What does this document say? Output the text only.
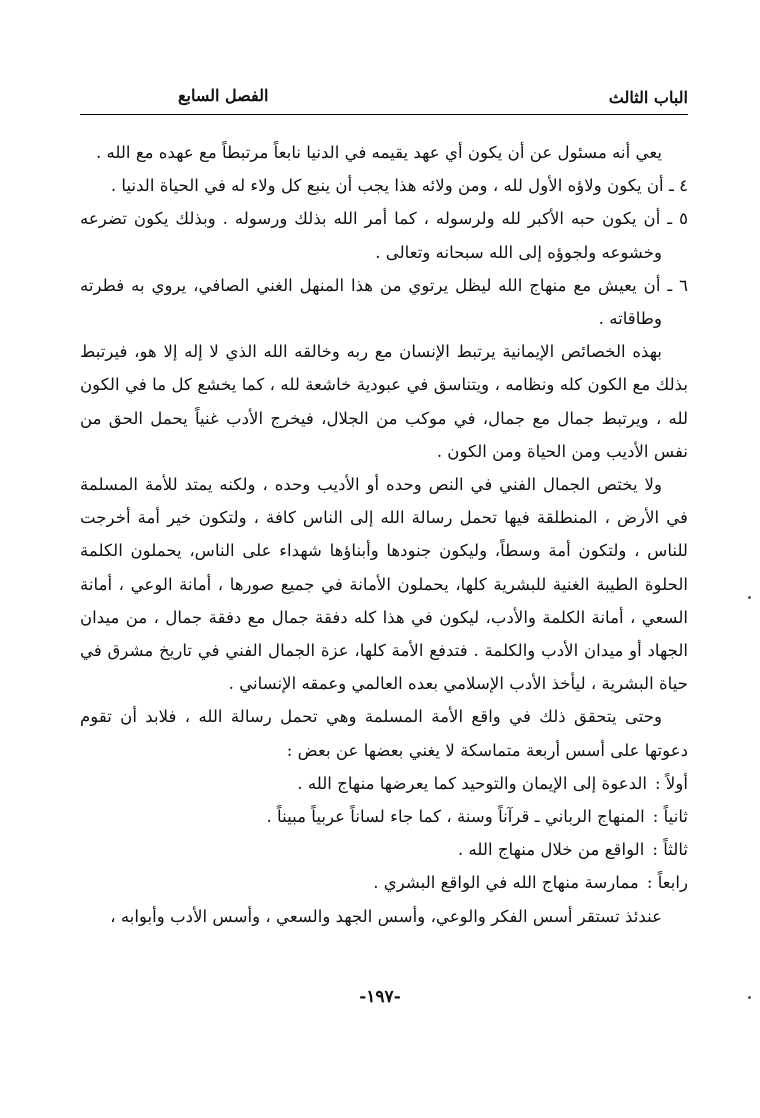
الباب الثالث
الفصل السابع

يعي أنه مسئول عن أن يكون أي عهد يقيمه في الدنيا نابعاً مرتبطاً مع عهده مع الله .

٤ ـ أن يكون ولاؤه الأول لله ، ومن ولائه هذا يجب أن ينبع كل ولاء له في الحياة الدنيا .

٥ ـ أن يكون حبه الأكبر لله ولرسوله ، كما أمر الله بذلك ورسوله . وبذلك يكون تضرعه وخشوعه ولجوؤه إلى الله سبحانه وتعالى .

٦ ـ أن يعيش مع منهاج الله ليظل يرتوي من هذا المنهل الغني الصافي، يروي به فطرته وطاقاته .

بهذه الخصائص الإيمانية يرتبط الإنسان مع ربه وخالقه الله الذي لا إله إلا هو، فيرتبط بذلك مع الكون كله ونظامه ، ويتناسق في عبودية خاشعة لله ، كما يخشع كل ما في الكون لله ، ويرتبط جمال مع جمال، في موكب من الجلال، فيخرج الأدب غنياً يحمل الحق من نفس الأديب ومن الحياة ومن الكون .

ولا يختص الجمال الفني في النص وحده أو الأديب وحده ، ولكنه يمتد للأمة المسلمة في الأرض ، المنطلقة فيها تحمل رسالة الله إلى الناس كافة ، ولتكون خير أمة أخرجت للناس ، ولتكون أمة وسطاً، وليكون جنودها وأبناؤها شهداء على الناس، يحملون الكلمة الحلوة الطيبة الغنية للبشرية كلها، يحملون الأمانة في جميع صورها ، أمانة الوعي ، أمانة السعي ، أمانة الكلمة والأدب، ليكون في هذا كله دفقة جمال مع دفقة جمال ، من ميدان الجهاد أو ميدان الأدب والكلمة . فتدفع الأمة كلها، عزة الجمال الفني في تاريخ مشرق في حياة البشرية ، ليأخذ الأدب الإسلامي بعده العالمي وعمقه الإنساني .

وحتى يتحقق ذلك في واقع الأمة المسلمة وهي تحمل رسالة الله ، فلابد أن تقوم دعوتها على أسس أربعة متماسكة لا يغني بعضها عن بعض :

أولاً :
الدعوة إلى الإيمان والتوحيد كما يعرضها منهاج الله .
ثانياً :
المنهاج الرباني ـ قرآناً وسنة ، كما جاء لساناً عربياً مبيناً .
ثالثاً :
الواقع من خلال منهاج الله .
رابعاً :
ممارسة منهاج الله في الواقع البشري .

عندئذ تستقر أسس الفكر والوعي، وأسس الجهد والسعي ، وأسس الأدب وأبوابه ،

-١٩٧-
